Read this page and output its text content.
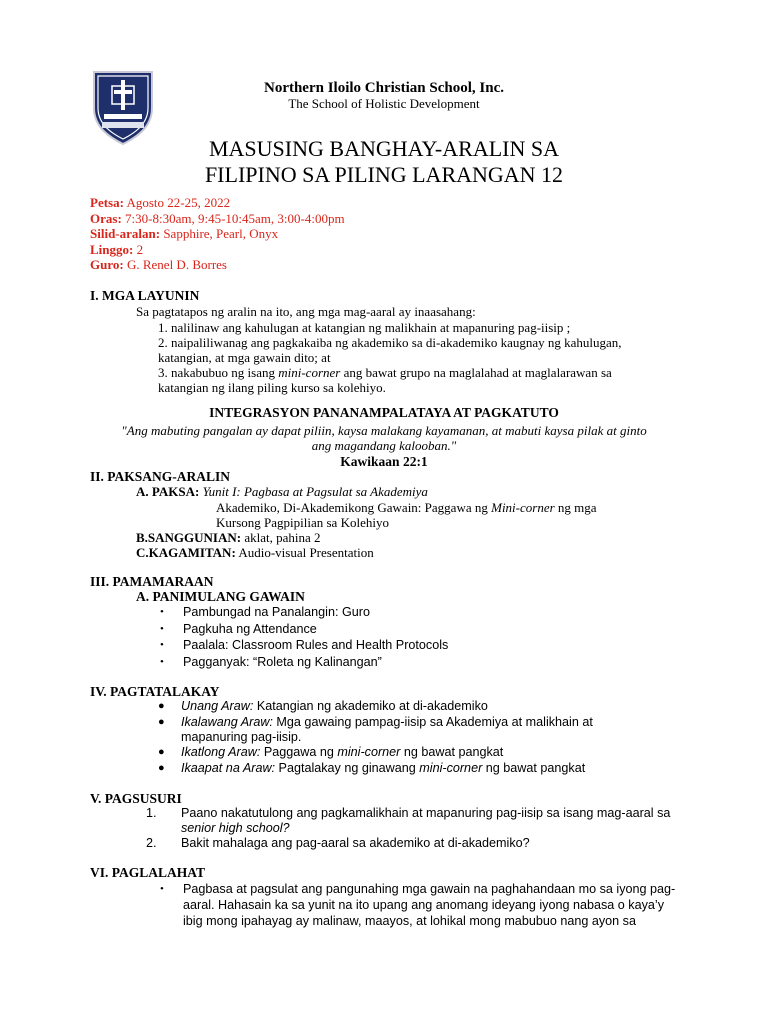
Northern Iloilo Christian School, Inc.
The School of Holistic Development
MASUSING BANGHAY-ARALIN SA
FILIPINO SA PILING LARANGAN 12
Petsa: Agosto 22-25, 2022
Oras: 7:30-8:30am, 9:45-10:45am, 3:00-4:00pm
Silid-aralan: Sapphire, Pearl, Onyx
Linggo: 2
Guro: G. Renel D. Borres
I. MGA LAYUNIN
Sa pagtatapos ng aralin na ito, ang mga mag-aaral ay inaasahang:
1. nalilinaw ang kahulugan at katangian ng malikhain at mapanuring pag-iisip ;
2. naipaliliwanag ang pagkakaiba ng akademiko sa di-akademiko kaugnay ng kahulugan,
katangian, at mga gawain dito; at
3. nakabubuo ng isang mini-corner ang bawat grupo na maglalahad at maglalarawan sa
katangian ng ilang piling kurso sa kolehiyo.
INTEGRASYON PANANAMPALATAYA AT PAGKATUTO
"Ang mabuting pangalan ay dapat piliin, kaysa malakang kayamanan, at mabuti kaysa pilak at ginto
ang magandang kalooban."
Kawikaan 22:1
II. PAKSANG-ARALIN
A. PAKSA: Yunit I: Pagbasa at Pagsulat sa Akademiya
Akademiko, Di-Akademikong Gawain: Paggawa ng Mini-corner ng mga
Kursong Pagpipilian sa Kolehiyo
B.SANGGUNIAN: aklat, pahina 2
C.KAGAMITAN: Audio-visual Presentation
III. PAMAMARAAN
A. PANIMULANG GAWAIN
• Pambungad na Panalangin: Guro
• Pagkuha ng Attendance
• Paalala: Classroom Rules and Health Protocols
• Pagganyak: “Roleta ng Kalinangan”
IV. PAGTATALAKAY
● Unang Araw: Katangian ng akademiko at di-akademiko
● Ikalawang Araw: Mga gawaing pampag-iisip sa Akademiya at malikhain at
mapanuring pag-iisip.
● Ikatlong Araw: Paggawa ng mini-corner ng bawat pangkat
● Ikaapat na Araw: Pagtalakay ng ginawang mini-corner ng bawat pangkat
V. PAGSUSURI
1. Paano nakatutulong ang pagkamalikhain at mapanuring pag-iisip sa isang mag-aaral sa
senior high school?
2. Bakit mahalaga ang pag-aaral sa akademiko at di-akademiko?
VI. PAGLALAHAT
• Pagbasa at pagsulat ang pangunahing mga gawain na paghahandaan mo sa iyong pag-
aaral. Hahasain ka sa yunit na ito upang ang anomang ideyang iyong nabasa o kaya’y
ibig mong ipahayag ay malinaw, maayos, at lohikal mong mabubuo nang ayon sa
